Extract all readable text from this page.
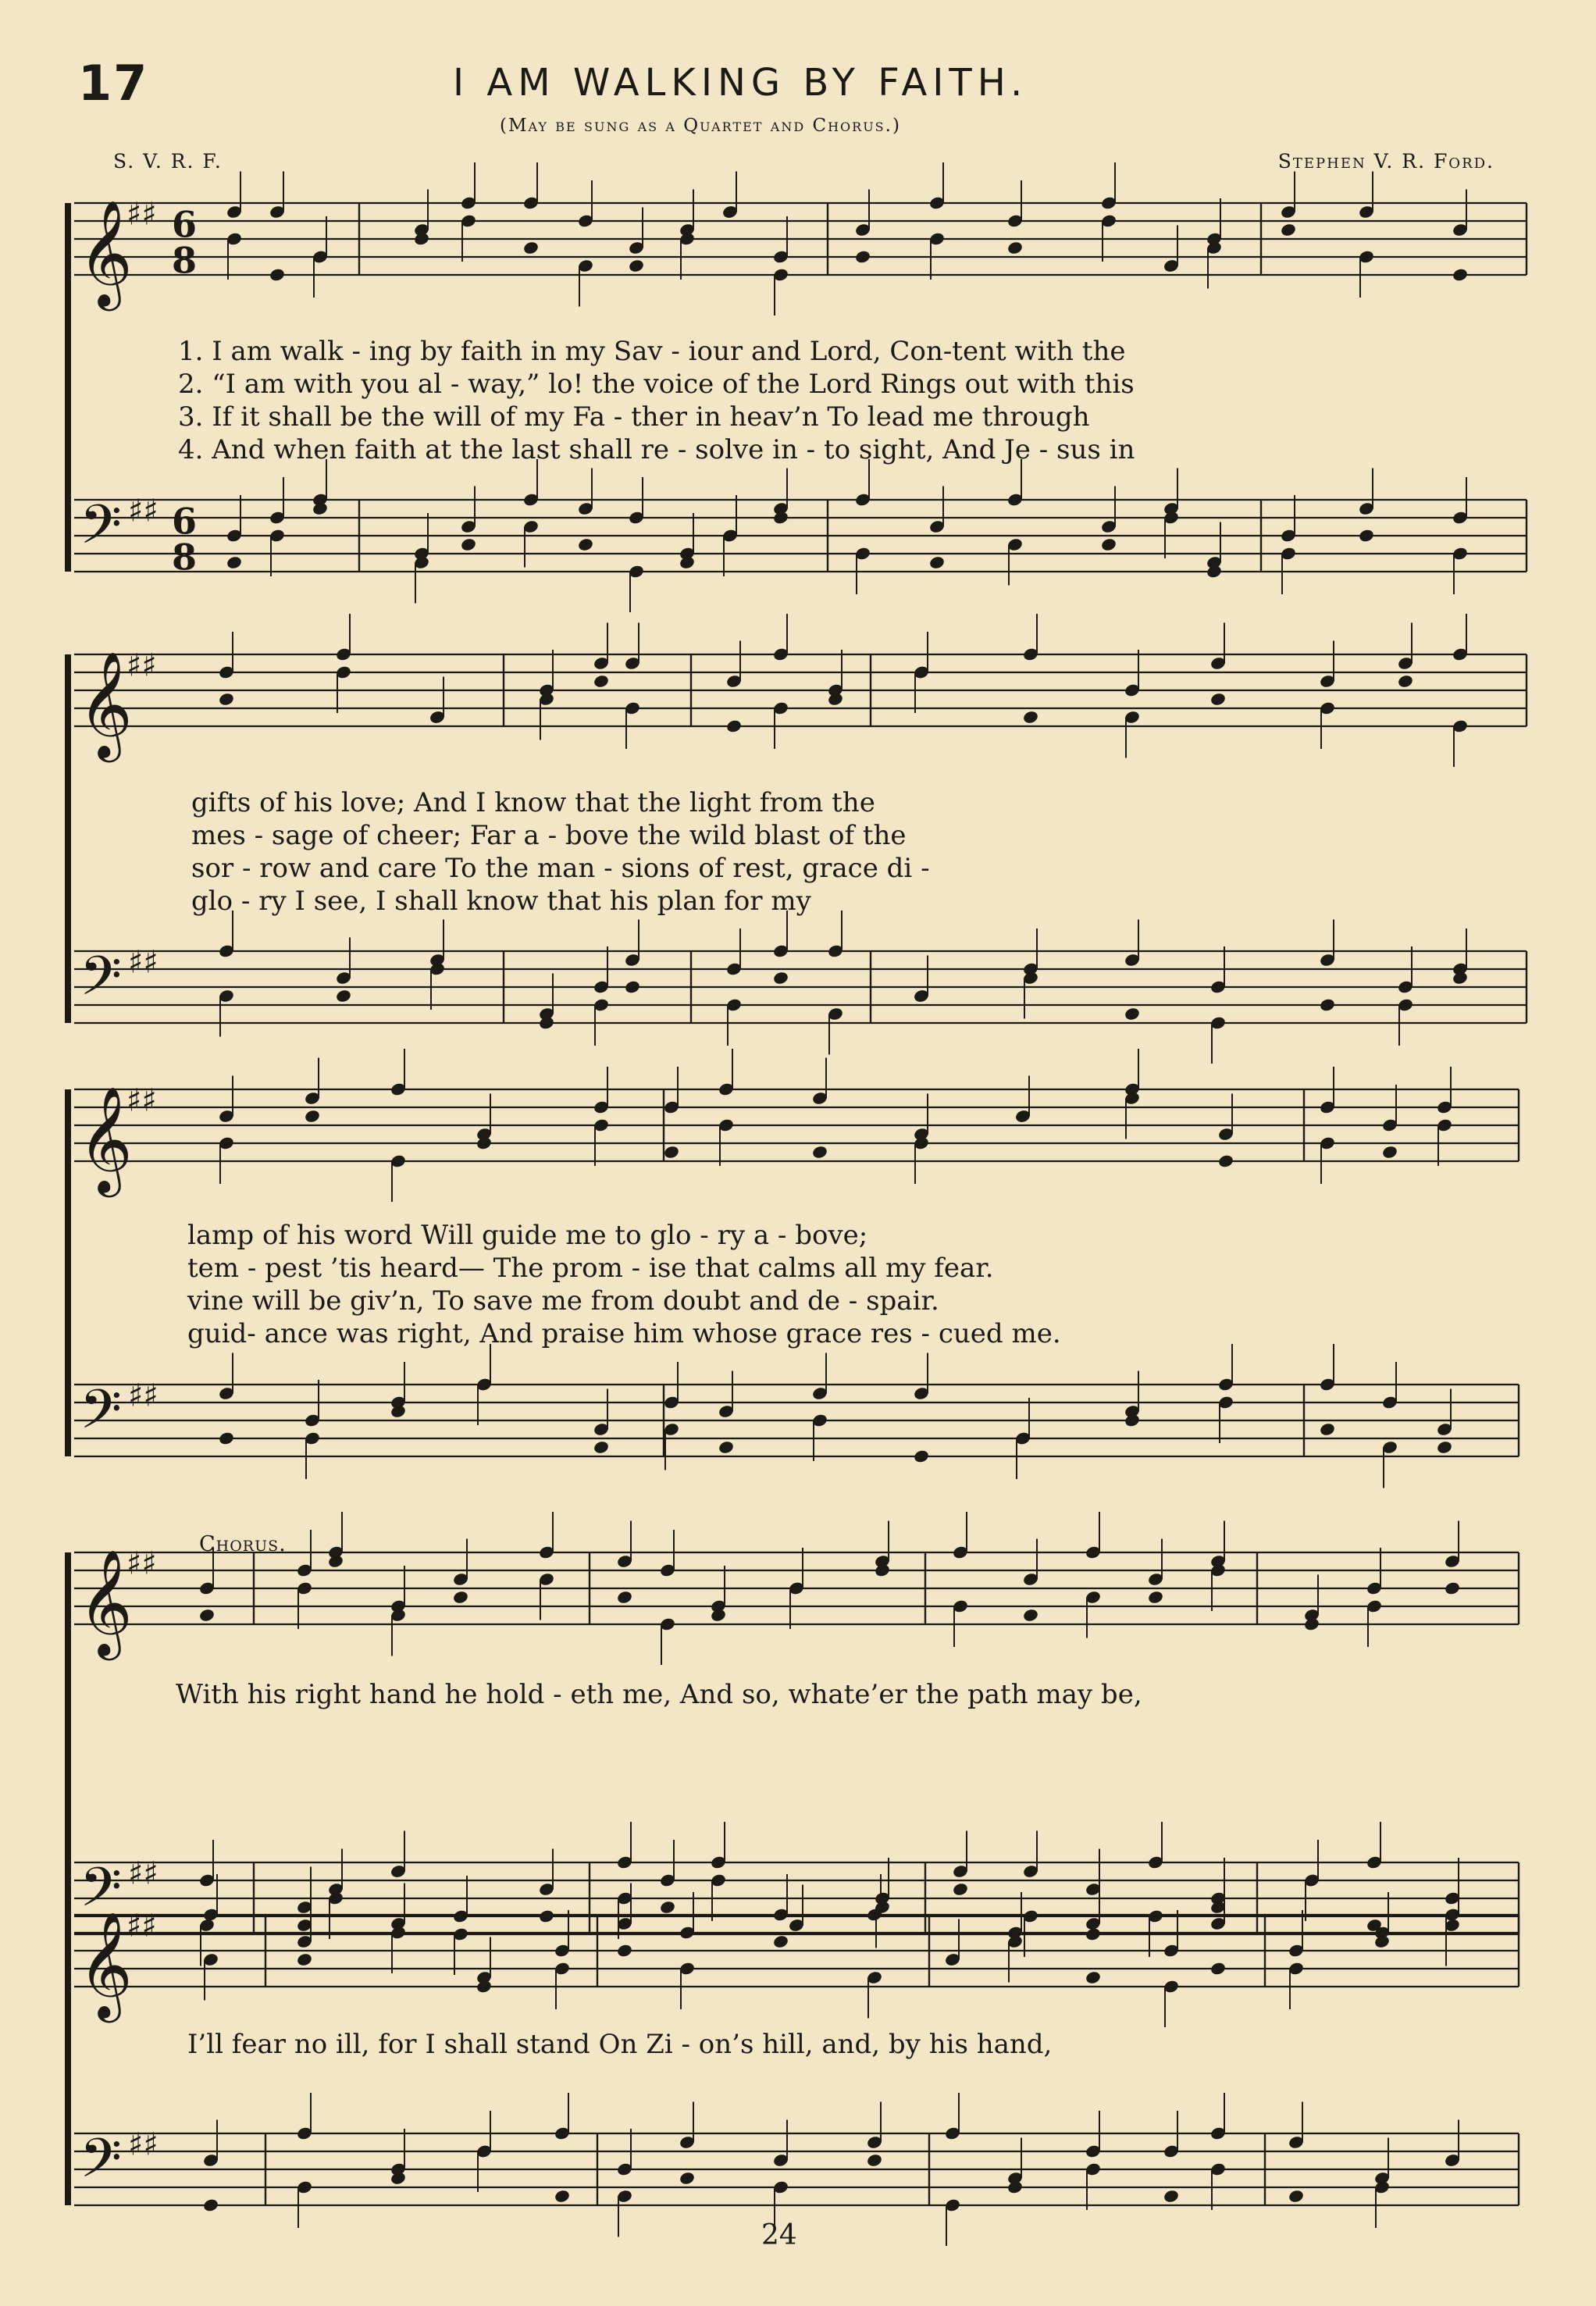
17	I AM WALKING BY FAITH.
(May be sung as a Quartet and Chorus.)
S. V. R. F.	Stephen V. R. Ford.
𝄞
♯♯
𝄢 ♯♯
𝄞
♯♯
𝄢 ♯♯
𝄞
♯♯
𝄢 ♯♯
𝄞
♯♯
𝄢 ♯♯
𝄞
♯♯
𝄢 ♯♯
6
8
6
8
1. I am walk - ing by faith in my Sav - iour and Lord, Con-tent with the
2. “I am with you al - way,” lo! the voice of the Lord Rings out with this
3. If it shall be the will of my Fa - ther in heav’n To lead me through
4. And when faith at the last shall re - solve in - to sight, And Je - sus in
gifts of his love; And I know that the light from the
mes - sage of cheer; Far a - bove the wild blast of the
sor - row and care To the man - sions of rest, grace di -
glo - ry I see, I shall know that his plan for my
lamp of his word Will guide me to glo - ry a - bove;
tem - pest ’tis heard— The prom - ise that calms all my fear.
vine will be giv’n, To save me from doubt and de - spair.
guid- ance was right, And praise him whose grace res - cued me.
Chorus.
With his right hand he hold - eth me, And so, whate’er the path may be,
I’ll fear no ill, for I shall stand On Zi - on’s hill, and, by his hand,
24
